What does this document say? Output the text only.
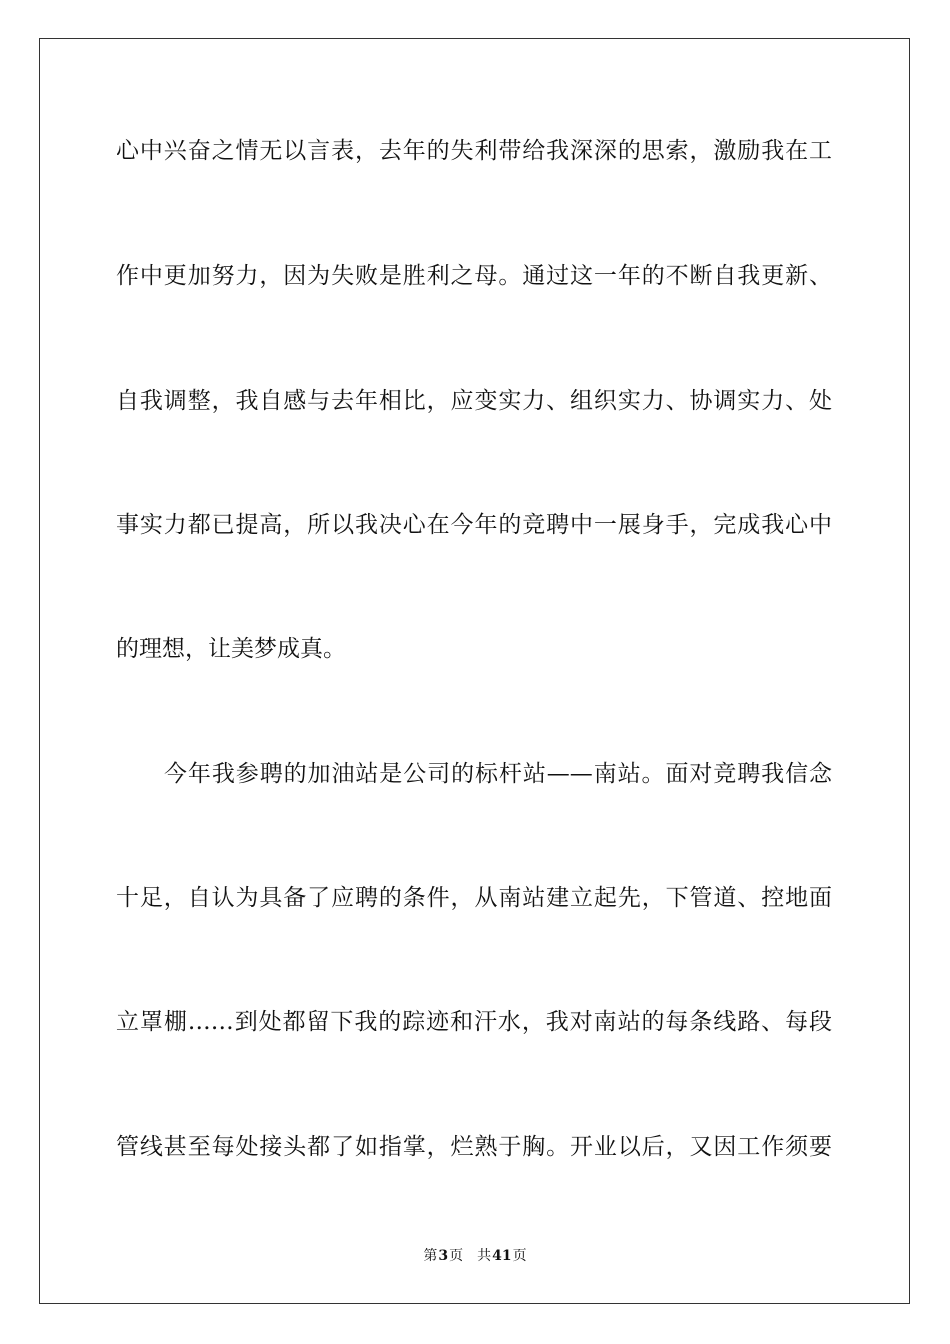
心中兴奋之情无以言表，去年的失利带给我深深的思索，激励我在工
作中更加努力，因为失败是胜利之母。通过这一年的不断自我更新、
自我调整，我自感与去年相比，应变实力、组织实力、协调实力、处
事实力都已提高，所以我决心在今年的竞聘中一展身手，完成我心中
的理想，让美梦成真。
今年我参聘的加油站是公司的标杆站——南站。面对竞聘我信念
十足，自认为具备了应聘的条件，从南站建立起先，下管道、控地面
立罩棚……到处都留下我的踪迹和汗水，我对南站的每条线路、每段
管线甚至每处接头都了如指掌，烂熟于胸。开业以后，又因工作须要
第3页 共41页
